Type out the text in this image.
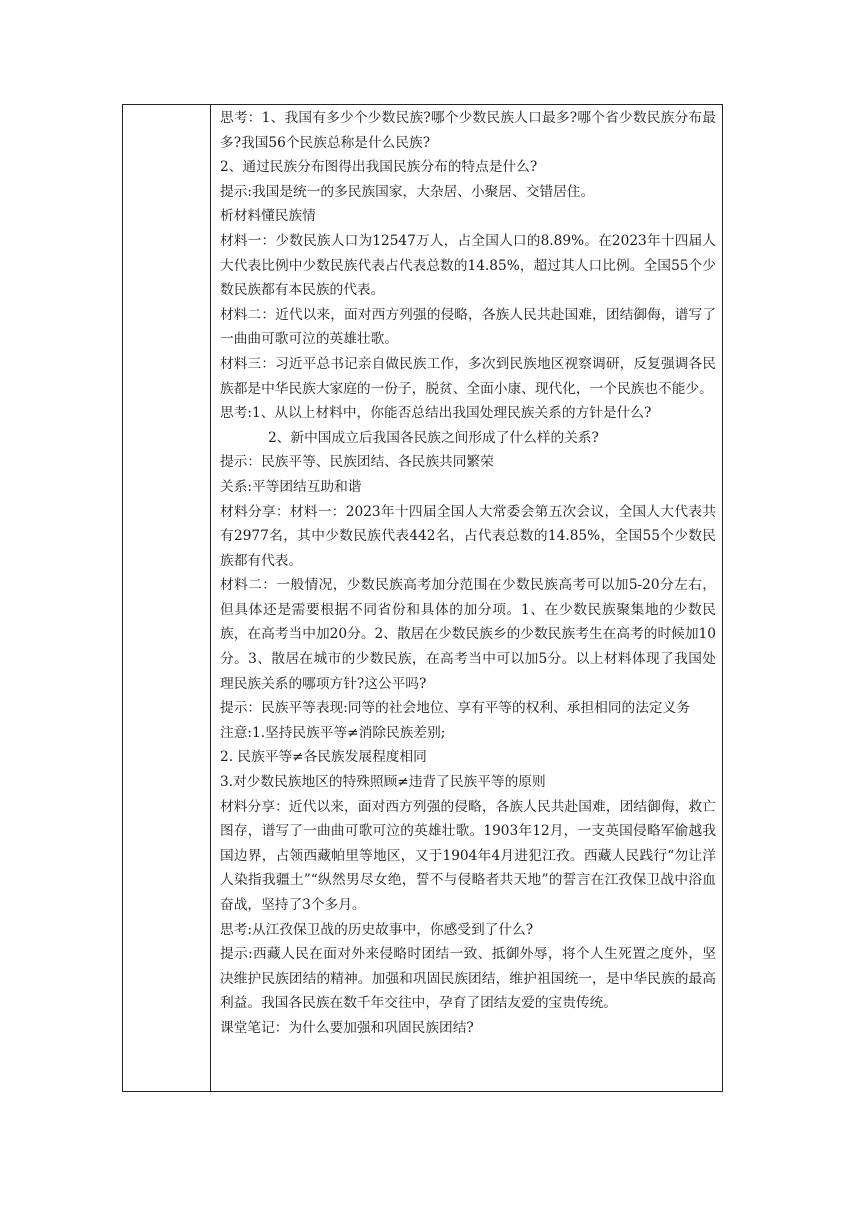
思考：1、我国有多少个少数民族?哪个少数民族人口最多?哪个省少数民族分布最多?我国56个民族总称是什么民族?

2、通过民族分布图得出我国民族分布的特点是什么?

提示:我国是统一的多民族国家，大杂居、小聚居、交错居住。

析材料懂民族情

材料一：少数民族人口为12547万人，占全国人口的8.89%。在2023年十四届人大代表比例中少数民族代表占代表总数的14.85%，超过其人口比例。全国55个少数民族都有本民族的代表。

材料二：近代以来，面对西方列强的侵略，各族人民共赴国难，团结御侮，谱写了一曲曲可歌可泣的英雄壮歌。

材料三：习近平总书记亲自做民族工作，多次到民族地区视察调研，反复强调各民族都是中华民族大家庭的一份子，脱贫、全面小康、现代化，一个民族也不能少。

思考:1、从以上材料中，你能否总结出我国处理民族关系的方针是什么?

2、新中国成立后我国各民族之间形成了什么样的关系?

提示：民族平等、民族团结、各民族共同繁荣

关系:平等团结互助和谐

材料分享：材料一：2023年十四届全国人大常委会第五次会议，全国人大代表共有2977名，其中少数民族代表442名，占代表总数的14.85%，全国55个少数民族都有代表。

材料二：一般情况，少数民族高考加分范围在少数民族高考可以加5-20分左右，但具体还是需要根据不同省份和具体的加分项。1、在少数民族聚集地的少数民族，在高考当中加20分。2、散居在少数民族乡的少数民族考生在高考的时候加10分。3、散居在城市的少数民族，在高考当中可以加5分。以上材料体现了我国处理民族关系的哪项方针?这公平吗?

提示：民族平等表现:同等的社会地位、享有平等的权利、承担相同的法定义务

注意:1.坚持民族平等≠消除民族差别;

2. 民族平等≠各民族发展程度相同

3.对少数民族地区的特殊照顾≠违背了民族平等的原则

材料分享：近代以来，面对西方列强的侵略，各族人民共赴国难，团结御侮，救亡图存，谱写了一曲曲可歌可泣的英雄壮歌。1903年12月，一支英国侵略军偷越我国边界，占领西藏帕里等地区，又于1904年4月进犯江孜。西藏人民践行“勿让洋人染指我疆土”“纵然男尽女绝，誓不与侵略者共天地”的誓言在江孜保卫战中浴血奋战，坚持了3个多月。

思考:从江孜保卫战的历史故事中，你感受到了什么?

提示:西藏人民在面对外来侵略时团结一致、抵御外辱，将个人生死置之度外，坚决维护民族团结的精神。加强和巩固民族团结，维护祖国统一，是中华民族的最高利益。我国各民族在数千年交往中，孕育了团结友爱的宝贵传统。

课堂笔记：为什么要加强和巩固民族团结?
